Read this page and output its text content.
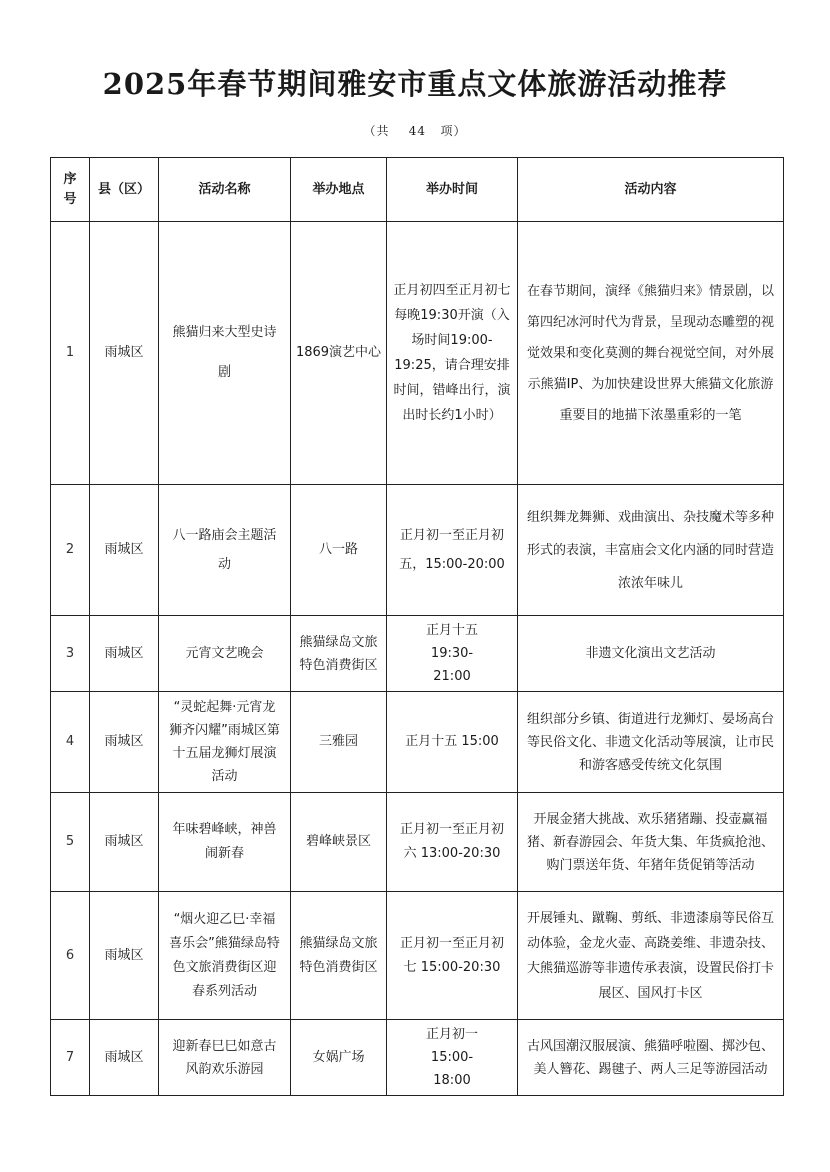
2025年春节期间雅安市重点文体旅游活动推荐
（共    44   项）
序号	县（区）	活动名称	举办地点	举办时间	活动内容
1	雨城区	熊猫归来大型史诗剧	1869演艺中心	正月初四至正月初七每晚19:30开演（入场时间19:00-19:25，请合理安排时间，错峰出行，演出时长约1小时）	在春节期间，演绎《熊猫归来》情景剧，以第四纪冰河时代为背景，呈现动态雕塑的视觉效果和变化莫测的舞台视觉空间，对外展示熊猫IP、为加快建设世界大熊猫文化旅游重要目的地描下浓墨重彩的一笔
2	雨城区	八一路庙会主题活动	八一路	正月初一至正月初五，15:00-20:00	组织舞龙舞狮、戏曲演出、杂技魔术等多种形式的表演，丰富庙会文化内涵的同时营造浓浓年味儿
3	雨城区	元宵文艺晚会	熊猫绿岛文旅特色消费街区	正月十五 19:30-21:00	非遗文化演出文艺活动
4	雨城区	“灵蛇起舞·元宵龙狮齐闪耀”雨城区第十五届龙狮灯展演活动	三雅园	正月十五 15:00	组织部分乡镇、街道进行龙狮灯、晏场高台等民俗文化、非遗文化活动等展演，让市民和游客感受传统文化氛围
5	雨城区	年味碧峰峡，神兽闹新春	碧峰峡景区	正月初一至正月初六 13:00-20:30	开展金猪大挑战、欢乐猪猪蹦、投壶赢福猪、新春游园会、年货大集、年货疯抢池、购门票送年货、年猪年货促销等活动
6	雨城区	“烟火迎乙巳·幸福喜乐会”熊猫绿岛特色文旅消费街区迎春系列活动	熊猫绿岛文旅特色消费街区	正月初一至正月初七 15:00-20:30	开展锤丸、蹴鞠、剪纸、非遗漆扇等民俗互动体验，金龙火壶、高跷姜维、非遗杂技、大熊猫巡游等非遗传承表演，设置民俗打卡展区、国风打卡区
7	雨城区	迎新春巳巳如意古风韵欢乐游园	女娲广场	正月初一 15:00-18:00	古风国潮汉服展演、熊猫呼啦圈、掷沙包、美人簪花、踢毽子、两人三足等游园活动
